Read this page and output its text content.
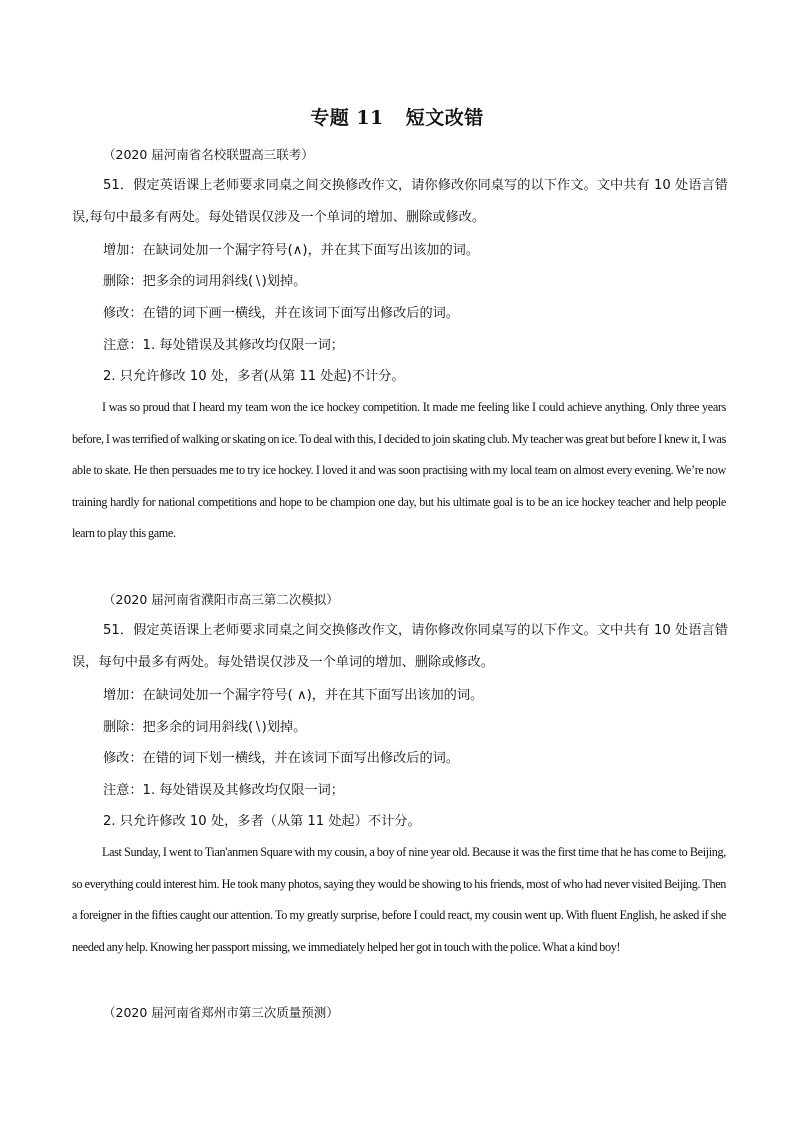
专题 11 短文改错
（2020 届河南省名校联盟高三联考）
51．假定英语课上老师要求同桌之间交换修改作文，请你修改你同桌写的以下作文。文中共有 10 处语言错误,每句中最多有两处。每处错误仅涉及一个单词的增加、删除或修改。
增加：在缺词处加一个漏字符号(∧)，并在其下面写出该加的词。
删除：把多余的词用斜线(∖)划掉。
修改：在错的词下画一横线，并在该词下面写出修改后的词。
注意：1. 每处错误及其修改均仅限一词；
2. 只允许修改 10 处，多者(从第 11 处起)不计分。
I was so proud that I heard my team won the ice hockey competition. It made me feeling like I could achieve anything. Only three years before, I was terrified of walking or skating on ice. To deal with this, I decided to join skating club. My teacher was great but before I knew it, I was able to skate. He then persuades me to try ice hockey. I loved it and was soon practising with my local team on almost every evening. We’re now training hardly for national competitions and hope to be champion one day, but his ultimate goal is to be an ice hockey teacher and help people learn to play this game.
（2020 届河南省濮阳市高三第二次模拟）
51．假定英语课上老师要求同桌之间交换修改作文，请你修改你同桌写的以下作文。文中共有 10 处语言错误，每句中最多有两处。每处错误仅涉及一个单词的增加、删除或修改。
增加：在缺词处加一个漏字符号( ∧)，并在其下面写出该加的词。
删除：把多余的词用斜线(∖)划掉。
修改：在错的词下划一横线，并在该词下面写出修改后的词。
注意：1. 每处错误及其修改均仅限一词；
2. 只允许修改 10 处，多者（从第 11 处起）不计分。
Last Sunday, I went to Tian'anmen Square with my cousin, a boy of nine year old. Because it was the first time that he has come to Beijing, so everything could interest him. He took many photos, saying they would be showing to his friends, most of who had never visited Beijing. Then a foreigner in the fifties caught our attention. To my greatly surprise, before I could react, my cousin went up. With fluent English, he asked if she needed any help. Knowing her passport missing, we immediately helped her got in touch with the police. What a kind boy!
（2020 届河南省郑州市第三次质量预测）
